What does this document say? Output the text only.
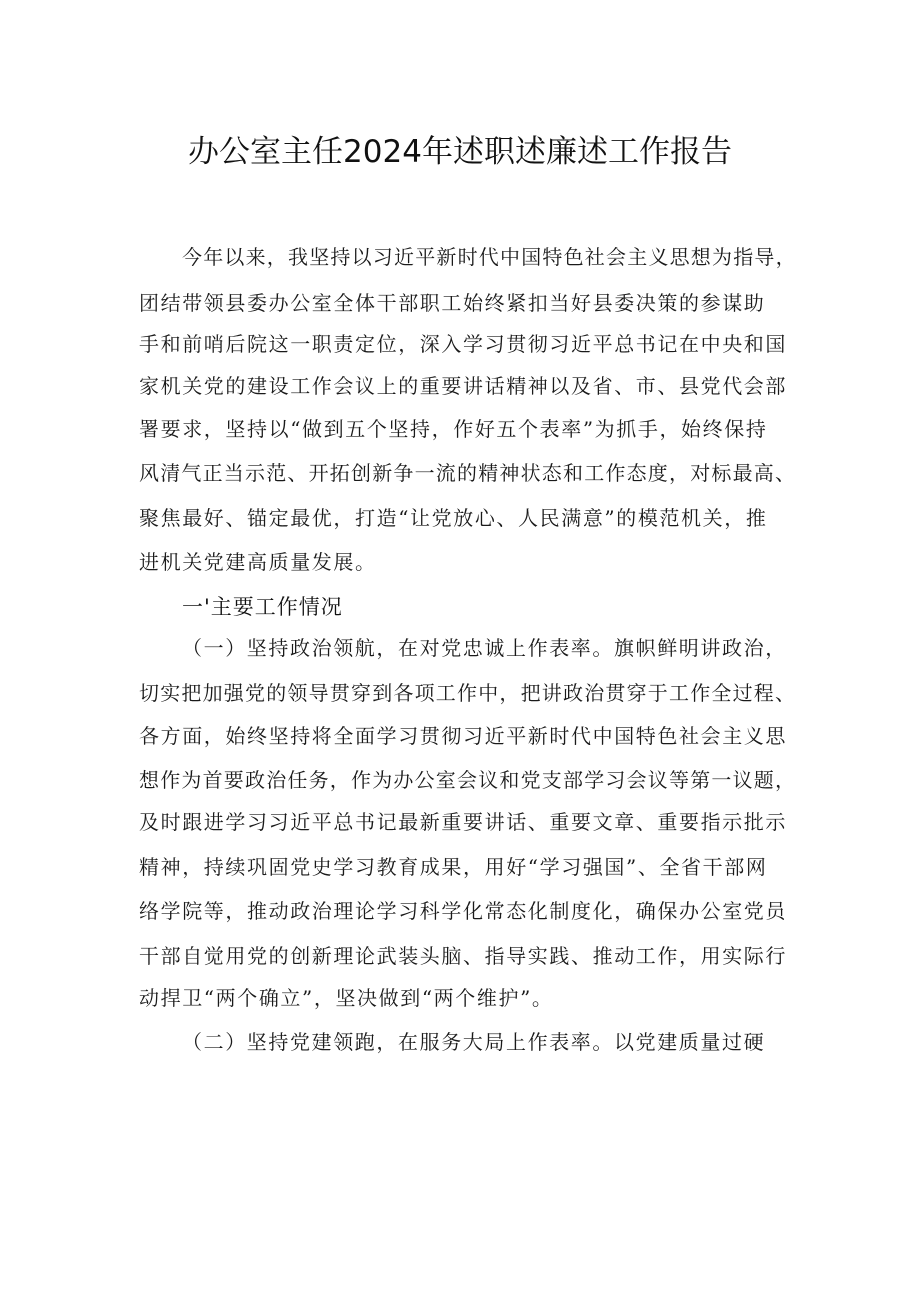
办公室主任2024年述职述廉述工作报告
今年以来，我坚持以习近平新时代中国特色社会主义思想为指导，
团结带领县委办公室全体干部职工始终紧扣当好县委决策的参谋助
手和前哨后院这一职责定位，深入学习贯彻习近平总书记在中央和国
家机关党的建设工作会议上的重要讲话精神以及省、市、县党代会部
署要求，坚持以“做到五个坚持，作好五个表率”为抓手，始终保持
风清气正当示范、开拓创新争一流的精神状态和工作态度，对标最高、
聚焦最好、锚定最优，打造“让党放心、人民满意”的模范机关，推
进机关党建高质量发展。
一'主要工作情况
（一）坚持政治领航，在对党忠诚上作表率。旗帜鲜明讲政治，
切实把加强党的领导贯穿到各项工作中，把讲政治贯穿于工作全过程、
各方面，始终坚持将全面学习贯彻习近平新时代中国特色社会主义思
想作为首要政治任务，作为办公室会议和党支部学习会议等第一议题，
及时跟进学习习近平总书记最新重要讲话、重要文章、重要指示批示
精神，持续巩固党史学习教育成果，用好“学习强国”、全省干部网
络学院等，推动政治理论学习科学化常态化制度化，确保办公室党员
干部自觉用党的创新理论武装头脑、指导实践、推动工作，用实际行
动捍卫“两个确立”，坚决做到“两个维护”。
（二）坚持党建领跑，在服务大局上作表率。以党建质量过硬
